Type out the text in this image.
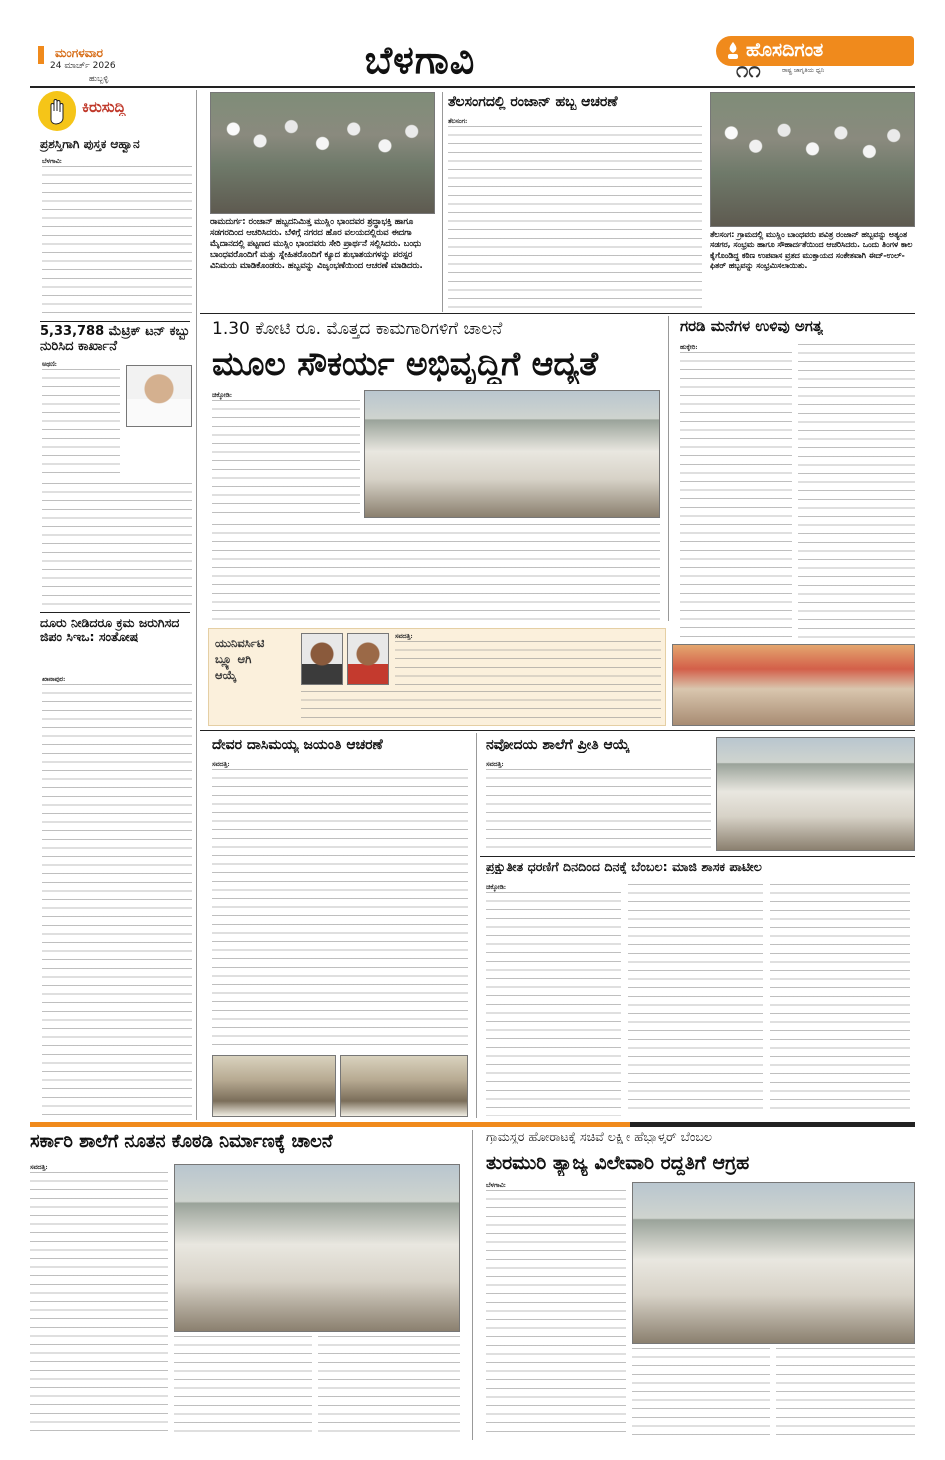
ಮಂಗಳವಾರ
24 ಮಾರ್ಚ್ 2026
ಹುಬ್ಬಳ್ಳಿ	ಬೆಳಗಾವಿ	ಹೊಸದಿಗಂತ
ರಾಷ್ಟ್ರ ಜಾಗೃತಿಯ ಧ್ವನಿ
೧೧
ಕಿರುಸುದ್ದಿ
ಪ್ರಶಸ್ತಿಗಾಗಿ ಪುಸ್ತಕ ಆಹ್ವಾನ
ಬೆಳಗಾವಿ:
5,33,788 ಮೆಟ್ರಿಕ್ ಟನ್ ಕಬ್ಬು ನುರಿಸಿದ ಕಾರ್ಖಾನೆ
ಅಥಣಿ:
ದೂರು ನೀಡಿದರೂ ಕ್ರಮ ಜರುಗಿಸದ ಜಿಪಂ ಸಿಇಒ: ಸಂತೋಷ
ಖಾನಾಪುರ:
ರಾಮದುರ್ಗ: ರಂಜಾನ್ ಹಬ್ಬದನಿಮಿತ್ತ ಮುಸ್ಲಿಂ ಭಾಂದವರ ಶ್ರದ್ಧಾಭಕ್ತಿ ಹಾಗೂ ಸಡಗರದಿಂದ ಆಚರಿಸಿದರು. ಬೆಳಿಗ್ಗೆ ನಗರದ ಹೊರ ವಲಯದಲ್ಲಿರುವ ಈದಗಾ ಮೈದಾನದಲ್ಲಿ ಪಟ್ಟಣದ ಮುಸ್ಲಿಂ ಭಾಂದವರು ಸೇರಿ ಪ್ರಾರ್ಥನೆ ಸಲ್ಲಿಸಿದರು. ಬಂಧು ಬಾಂಧವರೊಂದಿಗೆ ಮತ್ತು ಸ್ನೇಹಿತರೊಂದಿಗೆ ಕ್ಯೂದ ಶುಭಾಶಯಗಳನ್ನು ಪರಸ್ಪರ ವಿನಿಮಯ ಮಾಡಿಕೊಂಡರು. ಹಬ್ಬವನ್ನು ವಿಜೃಂಭಣೆಯಿಂದ ಆಚರಣೆ ಮಾಡಿದರು.
ತೆಲಸಂಗದಲ್ಲಿ ರಂಜಾನ್ ಹಬ್ಬ ಆಚರಣೆ
ತೆಲಸಂಗ:
ತೆಲಸಂಗ: ಗ್ರಾಮದಲ್ಲಿ ಮುಸ್ಲಿಂ ಬಾಂಧವರು ಪವಿತ್ರ ರಂಜಾನ್ ಹಬ್ಬವನ್ನು ಅತ್ಯಂತ ಸಡಗರ, ಸಂಭ್ರಮ ಹಾಗೂ ಸೌಹಾರ್ದತೆಯಿಂದ ಆಚರಿಸಿದರು. ಒಂದು ತಿಂಗಳ ಕಾಲ ಕೈಗೊಂಡಿದ್ದ ಕಠಿಣ ಉಪವಾಸ ವ್ರತದ ಮುಕ್ತಾಯದ ಸಂಕೇತವಾಗಿ ಈದ್-ಉಲ್-ಫಿತರ್ ಹಬ್ಬವನ್ನು ಸಂಭ್ರಮಿಸಲಾಯಿತು.
1.30 ಕೋಟಿ ರೂ. ಮೊತ್ತದ ಕಾಮಗಾರಿಗಳಿಗೆ ಚಾಲನೆ
ಮೂಲ ಸೌಕರ್ಯ ಅಭಿವೃದ್ಧಿಗೆ ಆದ್ಯತೆ
ಚಿಕ್ಕೋಡಿ:
ಗರಡಿ ಮನೆಗಳ ಉಳಿವು ಅಗತ್ಯ
ಹುಕ್ಕೇರಿ:
ಯುನಿವರ್ಸಿಟಿ
ಬ್ಲ್ಯೂ ಆಗಿ
ಆಯ್ಕೆ
ಸವದತ್ತಿ:
ದೇವರ ದಾಸಿಮಯ್ಯ ಜಯಂತಿ ಆಚರಣೆ
ಸವದತ್ತಿ:
ನವೋದಯ ಶಾಲೆಗೆ ಪ್ರೀತಿ ಆಯ್ಕೆ
ಸವದತ್ತಿ:
ಪ್ರಕ್ಷುತೀತ ಧರಣಿಗೆ ದಿನದಿಂದ ದಿನಕ್ಕೆ ಬೆಂಬಲ: ಮಾಜಿ ಶಾಸಕ ಪಾಟೀಲ
ಚಿಕ್ಕೋಡಿ:
ಸರ್ಕಾರಿ ಶಾಲೆಗೆ ನೂತನ ಕೊಠಡಿ ನಿರ್ಮಾಣಕ್ಕೆ ಚಾಲನೆ
ಸವದತ್ತಿ:
ಗ್ರಾಮಸ್ಥರ ಹೋರಾಟಕ್ಕೆ ಸಚಿವೆ ಲಕ್ಷ್ಮೀ ಹೆಬ್ಬಾಳ್ಕರ್ ಬೆಂಬಲ
ತುರಮುರಿ ತ್ಯಾಜ್ಯ ವಿಲೇವಾರಿ ರದ್ದತಿಗೆ ಆಗ್ರಹ
ಬೆಳಗಾವಿ:
